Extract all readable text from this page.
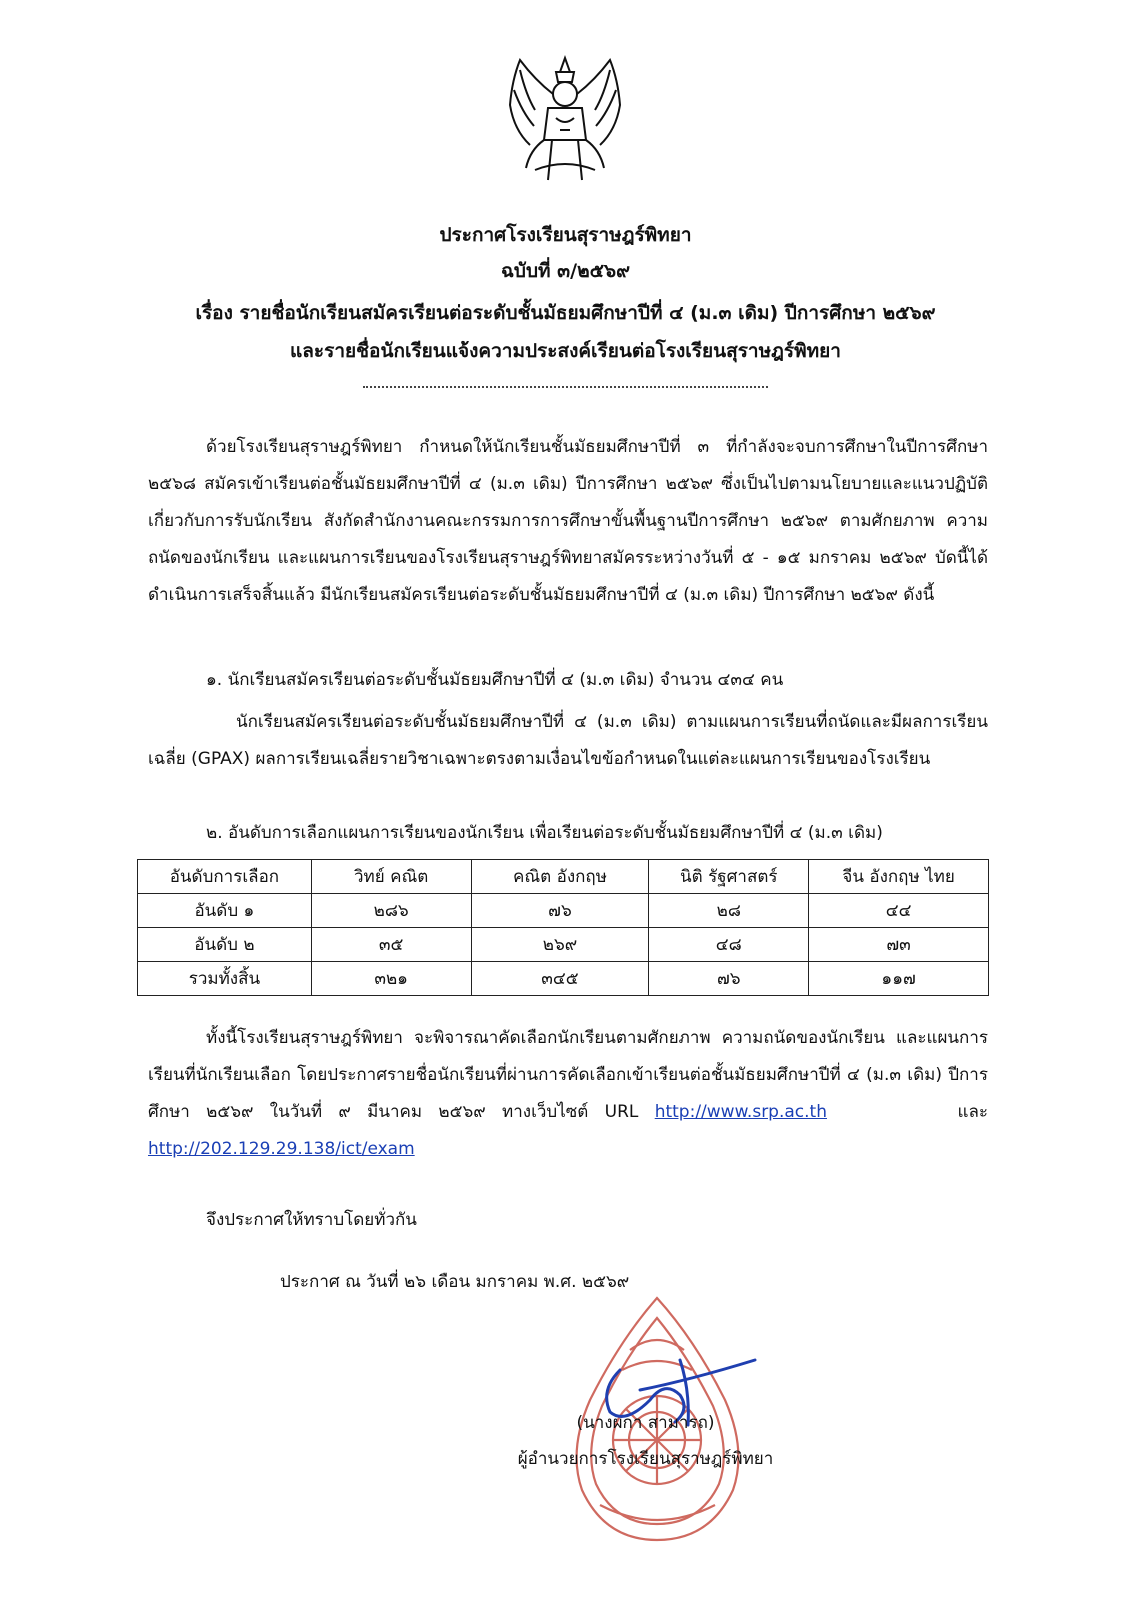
ประกาศโรงเรียนสุราษฎร์พิทยา
ฉบับที่ ๓/๒๕๖๙
เรื่อง รายชื่อนักเรียนสมัครเรียนต่อระดับชั้นมัธยมศึกษาปีที่ ๔ (ม.๓ เดิม) ปีการศึกษา ๒๕๖๙
และรายชื่อนักเรียนแจ้งความประสงค์เรียนต่อโรงเรียนสุราษฎร์พิทยา

ด้วยโรงเรียนสุราษฎร์พิทยา กำหนดให้นักเรียนชั้นมัธยมศึกษาปีที่ ๓ ที่กำลังจะจบการศึกษาในปีการศึกษา ๒๕๖๘ สมัครเข้าเรียนต่อชั้นมัธยมศึกษาปีที่ ๔ (ม.๓ เดิม) ปีการศึกษา ๒๕๖๙ ซึ่งเป็นไปตามนโยบายและแนวปฏิบัติเกี่ยวกับการรับนักเรียน สังกัดสำนักงานคณะกรรมการการศึกษาขั้นพื้นฐานปีการศึกษา ๒๕๖๙ ตามศักยภาพ ความถนัดของนักเรียน และแผนการเรียนของโรงเรียนสุราษฎร์พิทยาสมัครระหว่างวันที่ ๕ - ๑๕ มกราคม ๒๕๖๙ บัดนี้ได้ดำเนินการเสร็จสิ้นแล้ว มีนักเรียนสมัครเรียนต่อระดับชั้นมัธยมศึกษาปีที่ ๔ (ม.๓ เดิม) ปีการศึกษา ๒๕๖๙ ดังนี้

๑. นักเรียนสมัครเรียนต่อระดับชั้นมัธยมศึกษาปีที่ ๔ (ม.๓ เดิม) จำนวน ๔๓๔ คน

นักเรียนสมัครเรียนต่อระดับชั้นมัธยมศึกษาปีที่ ๔ (ม.๓ เดิม) ตามแผนการเรียนที่ถนัดและมีผลการเรียนเฉลี่ย (GPAX) ผลการเรียนเฉลี่ยรายวิชาเฉพาะตรงตามเงื่อนไขข้อกำหนดในแต่ละแผนการเรียนของโรงเรียน

๒. อันดับการเลือกแผนการเรียนของนักเรียน เพื่อเรียนต่อระดับชั้นมัธยมศึกษาปีที่ ๔ (ม.๓ เดิม)
อันดับการเลือก	วิทย์ คณิต	คณิต อังกฤษ	นิติ รัฐศาสตร์	จีน อังกฤษ ไทย
อันดับ ๑	๒๘๖	๗๖	๒๘	๔๔
อันดับ ๒	๓๕	๒๖๙	๔๘	๗๓
รวมทั้งสิ้น	๓๒๑	๓๔๕	๗๖	๑๑๗

ทั้งนี้โรงเรียนสุราษฎร์พิทยา จะพิจารณาคัดเลือกนักเรียนตามศักยภาพ ความถนัดของนักเรียน และแผนการเรียนที่นักเรียนเลือก โดยประกาศรายชื่อนักเรียนที่ผ่านการคัดเลือกเข้าเรียนต่อชั้นมัธยมศึกษาปีที่ ๔ (ม.๓ เดิม) ปีการศึกษา ๒๕๖๙ ในวันที่ ๙ มีนาคม ๒๕๖๙ ทางเว็บไซต์ URL http://www.srp.ac.th	และ http://202.129.29.138/ict/exam

จึงประกาศให้ทราบโดยทั่วกัน
ประกาศ ณ วันที่ ๒๖ เดือน มกราคม พ.ศ. ๒๕๖๙
(นางผกา สามารถ)
ผู้อำนวยการโรงเรียนสุราษฎร์พิทยา
